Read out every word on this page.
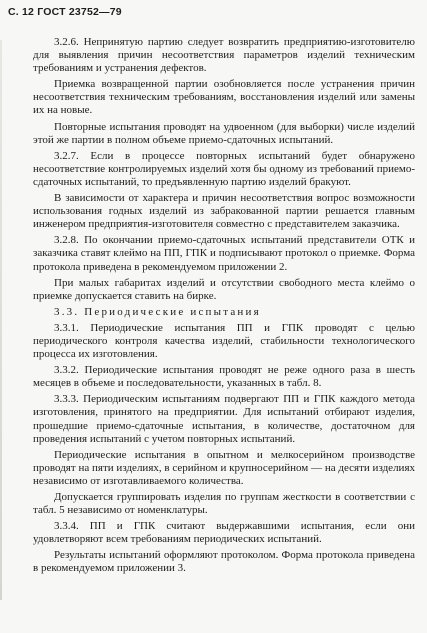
С. 12 ГОСТ 23752—79

3.2.6. Непринятую партию следует возвратить предприятию-изготовителю для выявления причин несоответствия параметров изделий техническим требованиям и устранения дефектов.

Приемка возвращенной партии озобновляется после устранения причин несоответствия техническим требованиям, восстановления изделий или замены их на новые.

Повторные испытания проводят на удвоенном (для выборки) числе изделий этой же партии в полном объеме приемо-сдаточных испытаний.

3.2.7. Если в процессе повторных испытаний будет обнаружено несоответствие контролируемых изделий хотя бы одному из требований приемо-сдаточных испытаний, то предъявленную партию изделий бракуют.

В зависимости от характера и причин несоответствия вопрос возможности использования годных изделий из забракованной партии решается главным инженером предприятия-изготовителя совместно с представителем заказчика.

3.2.8. По окончании приемо-сдаточных испытаний представители ОТК и заказчика ставят клеймо на ПП, ГПК и подписывают протокол о приемке. Форма протокола приведена в рекомендуемом приложении 2.

При малых габаритах изделий и отсутствии свободного места клеймо о приемке допускается ставить на бирке.

3.3. Периодические испытания

3.3.1. Периодические испытания ПП и ГПК проводят с целью периодического контроля качества изделий, стабильности технологического процесса их изготовления.

3.3.2. Периодические испытания проводят не реже одного раза в шесть месяцев в объеме и последовательности, указанных в табл. 8.

3.3.3. Периодическим испытаниям подвергают ПП и ГПК каждого метода изготовления, принятого на предприятии. Для испытаний отбирают изделия, прошедшие приемо-сдаточные испытания, в количестве, достаточном для проведения испытаний с учетом повторных испытаний.

Периодические испытания в опытном и мелкосерийном производстве проводят на пяти изделиях, в серийном и крупносерийном — на десяти изделиях независимо от изготавливаемого количества.

Допускается группировать изделия по группам жесткости в соответствии с табл. 5 независимо от номенклатуры.

3.3.4. ПП и ГПК считают выдержавшими испытания, если они удовлетворяют всем требованиям периодических испытаний.

Результаты испытаний оформляют протоколом. Форма протокола приведена в рекомендуемом приложении 3.
